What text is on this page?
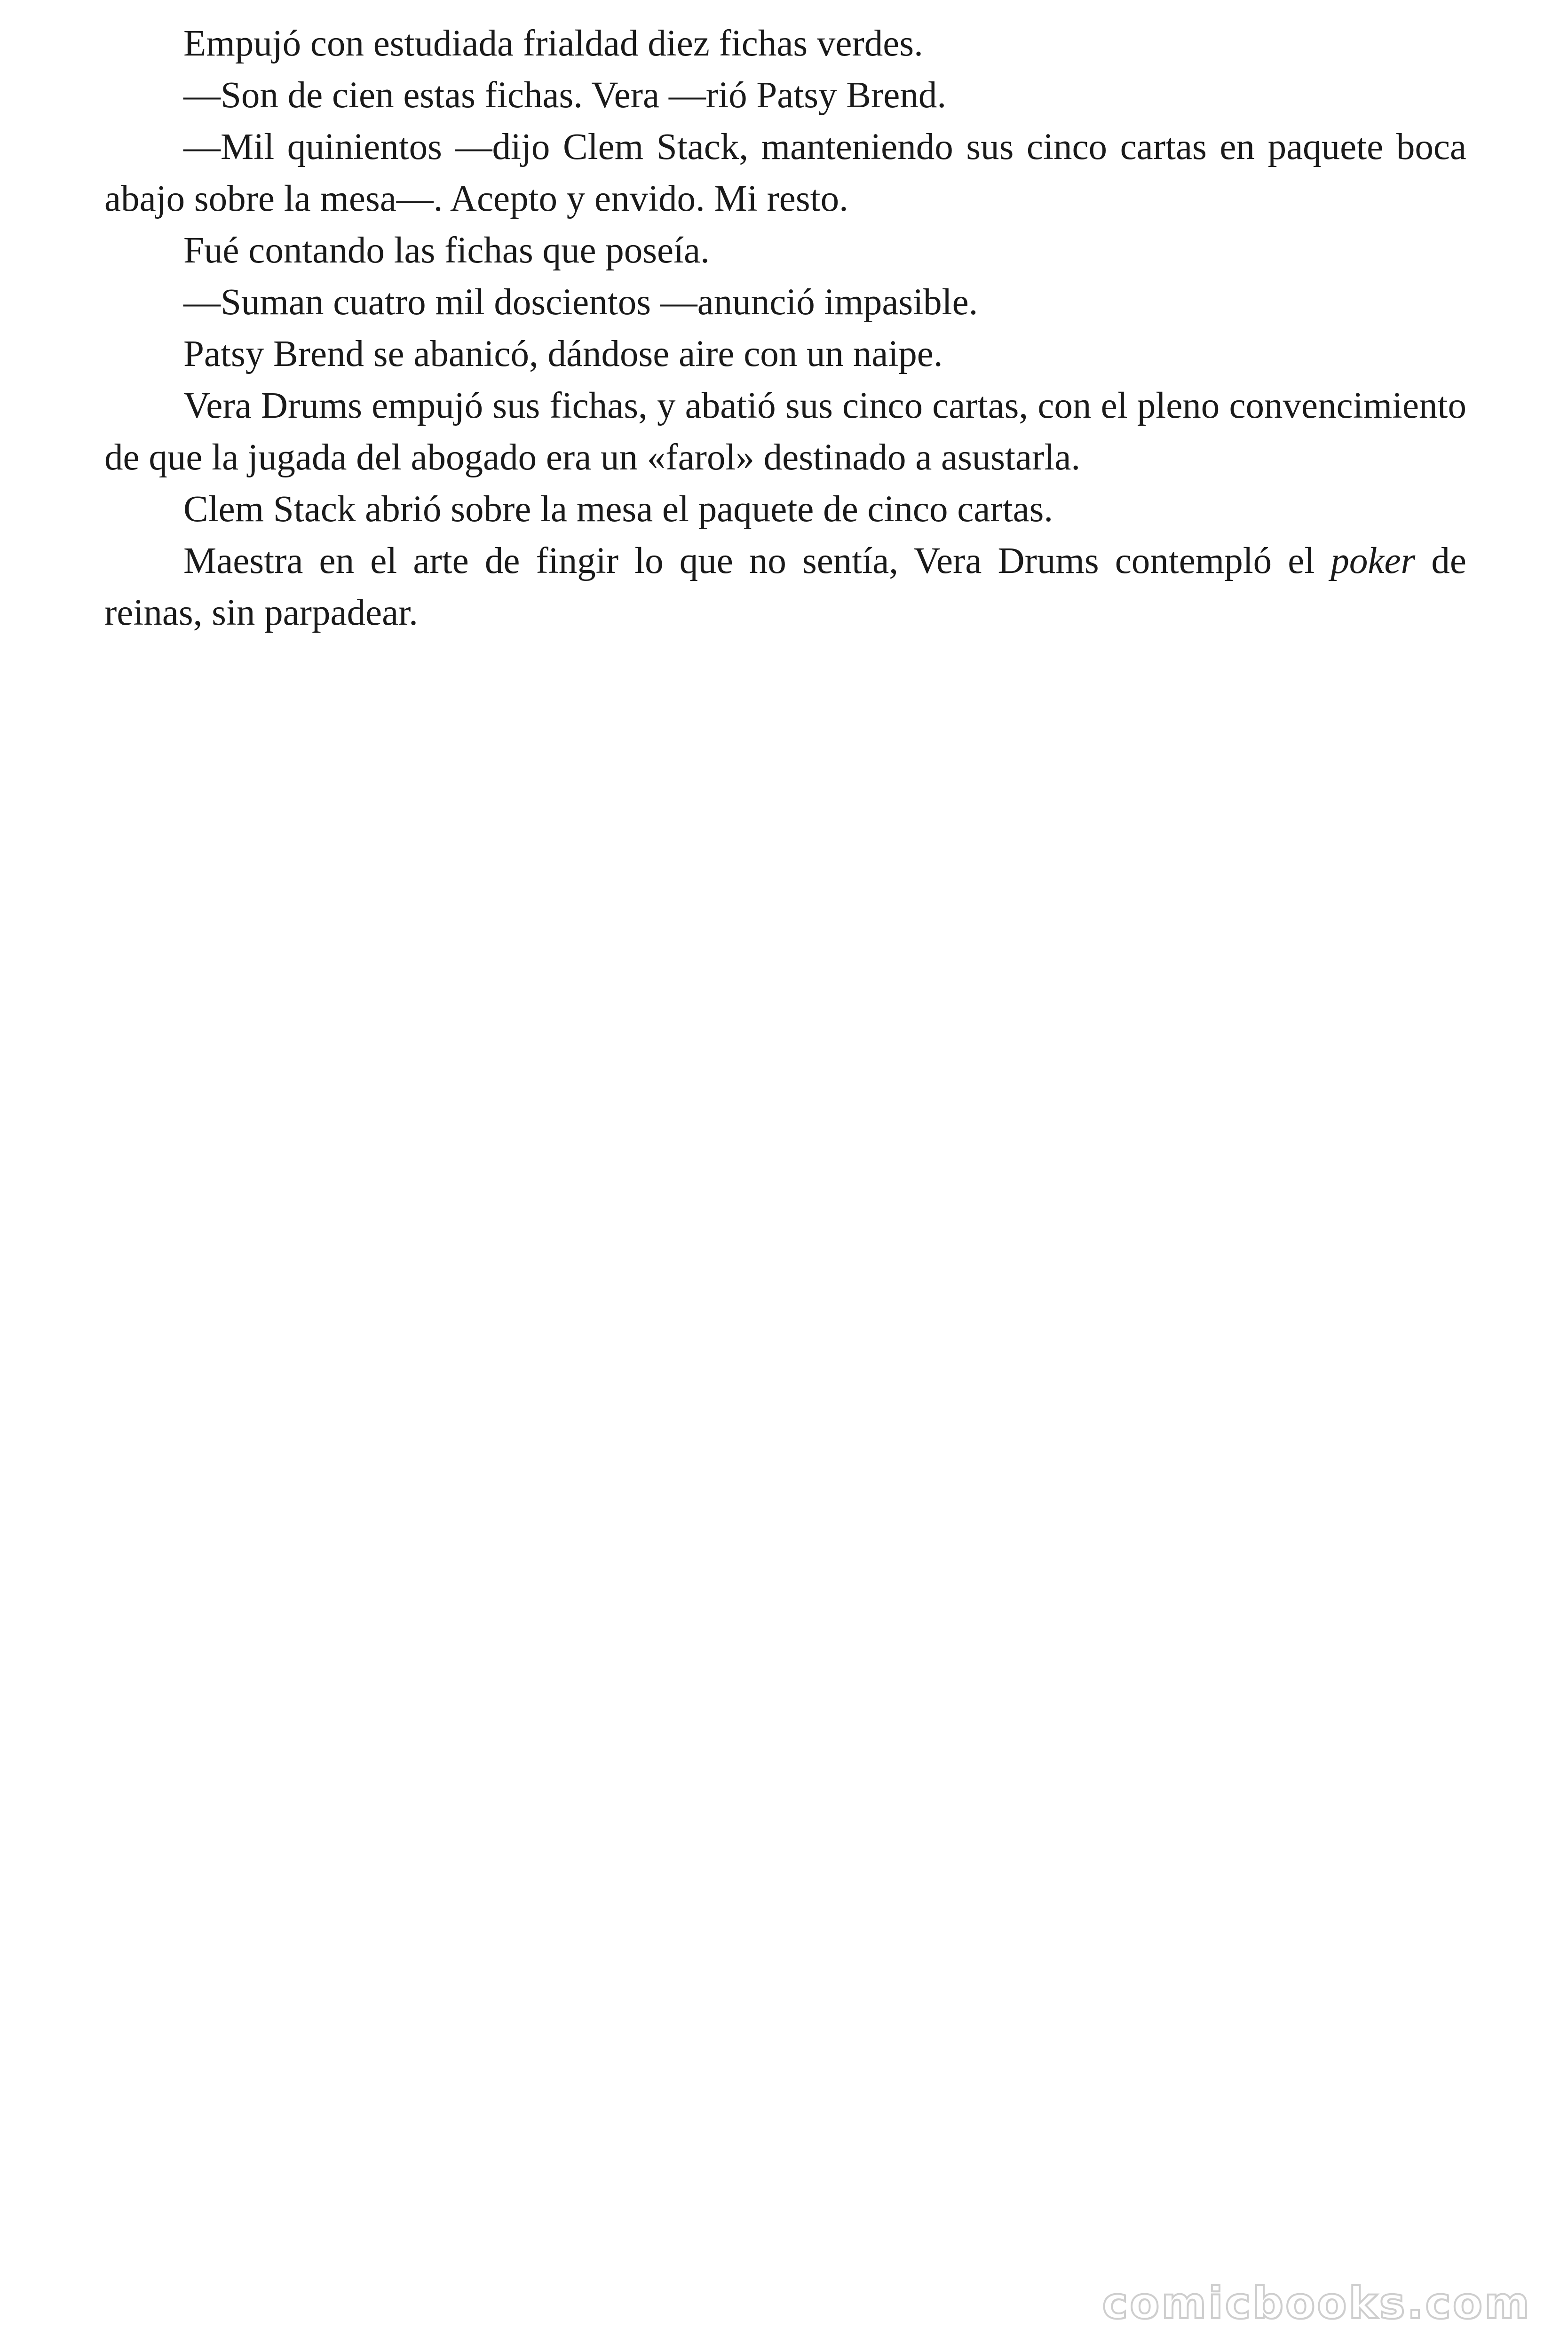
Empujó con estudiada frialdad diez fichas verdes.

—Son de cien estas fichas. Vera —rió Patsy Brend.

—Mil quinientos —dijo Clem Stack, manteniendo sus cinco cartas en paquete boca abajo sobre la mesa—. Acepto y envido. Mi resto.

Fué contando las fichas que poseía.

—Suman cuatro mil doscientos —anunció impasible.

Patsy Brend se abanicó, dándose aire con un naipe.

Vera Drums empujó sus fichas, y abatió sus cinco cartas, con el pleno convencimiento de que la jugada del abogado era un «farol» destinado a asustarla.

Clem Stack abrió sobre la mesa el paquete de cinco cartas.

Maestra en el arte de fingir lo que no sentía, Vera Drums contempló el poker de reinas, sin parpadear.

comicbooks.com
